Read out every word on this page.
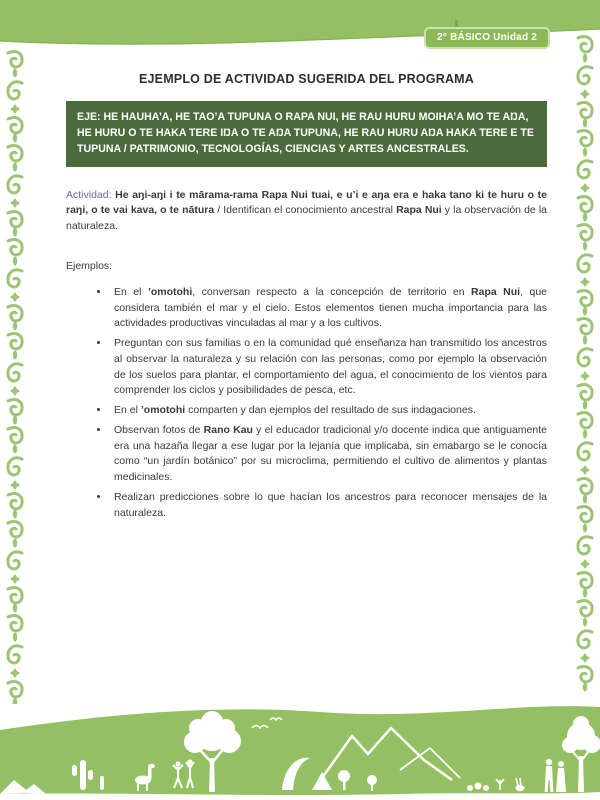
2° BÁSICO Unidad 2
EJEMPLO DE ACTIVIDAD SUGERIDA DEL PROGRAMA
EJE: HE HAUHA’A, HE TAO’A TUPUNA O RAPA NUI, HE RAU HURU MOIHA’A MO TE AŊA, HE HURU O TE HAKA TERE IŊA O TE AŊA TUPUNA, HE RAU HURU AŊA HAKA TERE E TE TUPUNA / PATRIMONIO, TECNOLOGÍAS, CIENCIAS Y ARTES ANCESTRALES.

Actividad: He aŋi-aŋi i te mārama-rama Rapa Nui tuai, e u’i e aŋa era e haka tano ki te huru o te raŋi, o te vai kava, o te nātura / Identifican el conocimiento ancestral Rapa Nui y la observación de la naturaleza.

Ejemplos:
• En el ’omotohi, conversan respecto a la concepción de territorio en Rapa Nui, que considera también el mar y el cielo. Estos elementos tienen mucha importancia para las actividades productivas vinculadas al mar y a los cultivos.
• Preguntan con sus familias o en la comunidad qué enseñanza han transmitido los ancestros al observar la naturaleza y su relación con las personas, como por ejemplo la observación de los suelos para plantar, el comportamiento del agua, el conocimiento de los vientos para comprender los ciclos y posibilidades de pesca, etc.
• En el ’omotohi comparten y dan ejemplos del resultado de sus indagaciones.
• Observan fotos de Rano Kau y el educador tradicional y/o docente indica que antiguamente era una hazaña llegar a ese lugar por la lejanía que implicaba, sin emabargo se le conocía como “un jardín botánico” por su microclima, permitiendo el cultivo de alimentos y plantas medicinales.
• Realizan predicciones sobre lo que hacían los ancestros para reconocer mensajes de la naturaleza.
